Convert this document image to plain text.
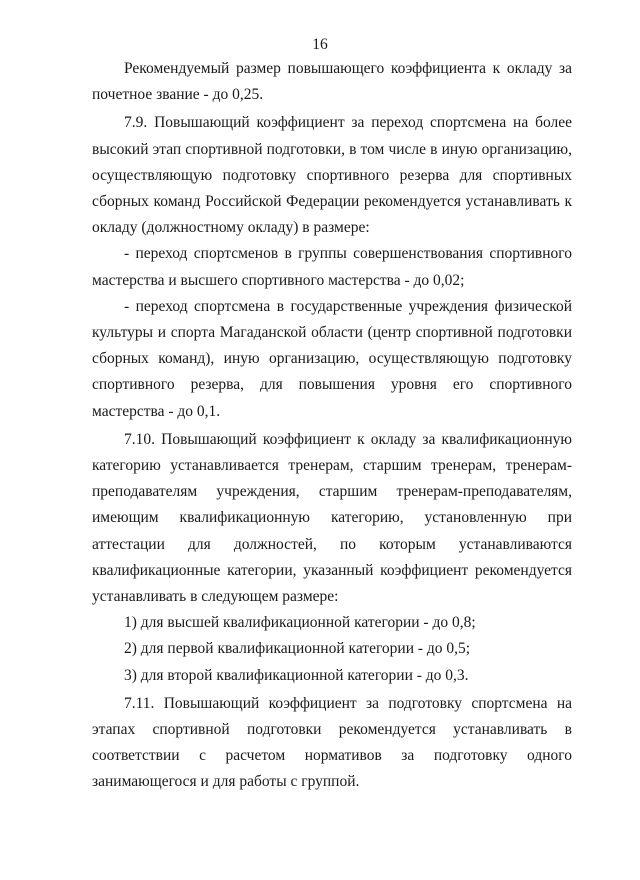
16

Рекомендуемый размер повышающего коэффициента к окладу за почетное звание - до 0,25.

7.9. Повышающий коэффициент за переход спортсмена на более высокий этап спортивной подготовки, в том числе в иную организацию, осуществляющую подготовку спортивного резерва для спортивных сборных команд Российской Федерации рекомендуется устанавливать к окладу (должностному окладу) в размере:

- переход спортсменов в группы совершенствования спортивного мастерства и высшего спортивного мастерства - до 0,02;

- переход спортсмена в государственные учреждения физической культуры и спорта Магаданской области (центр спортивной подготовки сборных команд), иную организацию, осуществляющую подготовку спортивного резерва, для повышения уровня его спортивного мастерства - до 0,1.

7.10. Повышающий коэффициент к окладу за квалификационную категорию устанавливается тренерам, старшим тренерам, тренерам-преподавателям учреждения, старшим тренерам-преподавателям, имеющим квалификационную категорию, установленную при аттестации для должностей, по которым устанавливаются квалификационные категории, указанный коэффициент рекомендуется устанавливать в следующем размере:

1) для высшей квалификационной категории - до 0,8;

2) для первой квалификационной категории - до 0,5;

3) для второй квалификационной категории - до 0,3.

7.11. Повышающий коэффициент за подготовку спортсмена на этапах спортивной подготовки рекомендуется устанавливать в соответствии с расчетом нормативов за подготовку одного занимающегося и для работы с группой.
